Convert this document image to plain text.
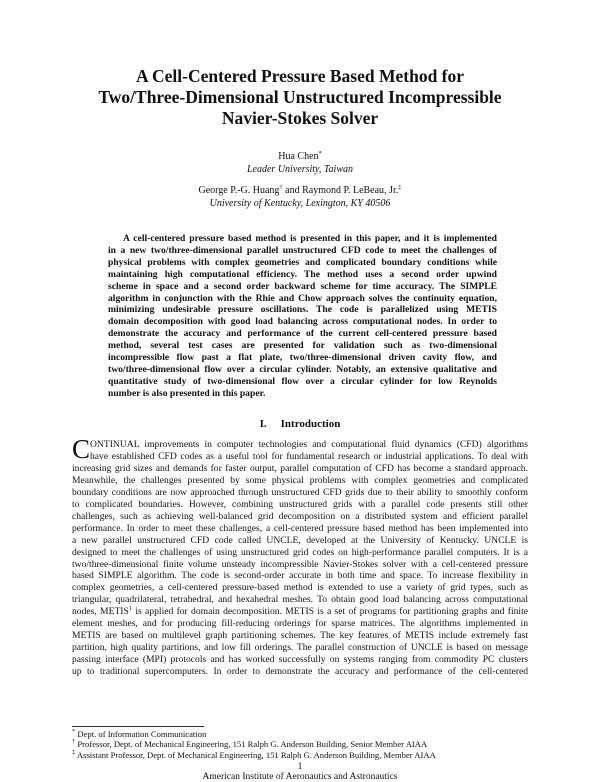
A Cell-Centered Pressure Based Method for
Two/Three-Dimensional Unstructured Incompressible
Navier-Stokes Solver
Hua Chen*
Leader University, Taiwan
George P.-G. Huang† and Raymond P. LeBeau, Jr.‡
University of Kentucky, Lexington, KY 40506
A cell-centered pressure based method is presented in this paper, and it is implemented
in a new two/three-dimensional parallel unstructured CFD code to meet the challenges of
physical problems with complex geometries and complicated boundary conditions while
maintaining high computational efficiency. The method uses a second order upwind
scheme in space and a second order backward scheme for time accuracy. The SIMPLE
algorithm in conjunction with the Rhie and Chow approach solves the continuity equation,
minimizing undesirable pressure oscillations. The code is parallelized using METIS
domain decomposition with good load balancing across computational nodes. In order to
demonstrate the accuracy and performance of the current cell-centered pressure based
method, several test cases are presented for validation such as two-dimensional
incompressible flow past a flat plate, two/three-dimensional driven cavity flow, and
two/three-dimensional flow over a circular cylinder. Notably, an extensive qualitative and
quantitative study of two-dimensional flow over a circular cylinder for low Reynolds
number is also presented in this paper.
I. Introduction
C ONTINUAL improvements in computer technologies and computational fluid dynamics (CFD) algorithms
have established CFD codes as a useful tool for fundamental research or industrial applications. To deal with
increasing grid sizes and demands for faster output, parallel computation of CFD has become a standard approach.
Meanwhile, the challenges presented by some physical problems with complex geometries and complicated
boundary conditions are now approached through unstructured CFD grids due to their ability to smoothly conform
to complicated boundaries. However, combining unstructured grids with a parallel code presents still other
challenges, such as achieving well-balanced grid decomposition on a distributed system and efficient parallel
performance. In order to meet these challenges, a cell-centered pressure based method has been implemented into
a new parallel unstructured CFD code called UNCLE, developed at the University of Kentucky. UNCLE is
designed to meet the challenges of using unstructured grid codes on high-performance parallel computers. It is a
two/three-dimensional finite volume unsteady incompressible Navier-Stokes solver with a cell-centered pressure
based SIMPLE algorithm. The code is second-order accurate in both time and space. To increase flexibility in
complex geometries, a cell-centered pressure-based method is extended to use a variety of grid types, such as
triangular, quadrilateral, tetrahedral, and hexahedral meshes. To obtain good load balancing across computational
nodes, METIS$^1$ is applied for domain decomposition. METIS is a set of programs for partitioning graphs and finite
element meshes, and for producing fill-reducing orderings for sparse matrices. The algorithms implemented in
METIS are based on multilevel graph partitioning schemes. The key features of METIS include extremely fast
partition, high quality partitions, and low fill orderings. The parallel construction of UNCLE is based on message
passing interface (MPI) protocols and has worked successfully on systems ranging from commodity PC clusters
up to traditional supercomputers. In order to demonstrate the accuracy and performance of the cell-centered
* Dept. of Information Communication
† Professor, Dept. of Mechanical Engineering, 151 Ralph G. Anderson Building, Senior Member AIAA
‡ Assistant Professor, Dept. of Mechanical Engineering, 151 Ralph G. Anderson Building, Member AIAA
1
American Institute of Aeronautics and Astronautics
